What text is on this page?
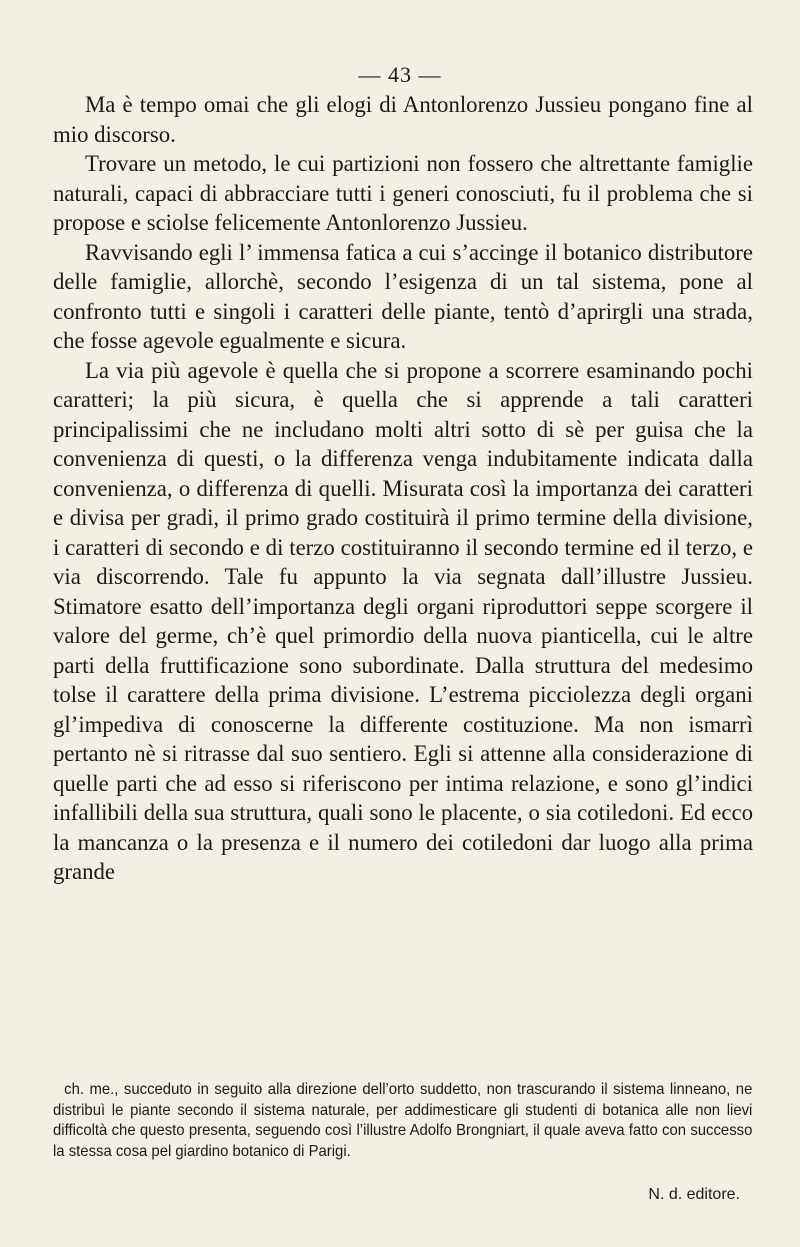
— 43 —

Ma è tempo omai che gli elogi di Antonlorenzo Jussieu pongano fine al mio discorso.

Trovare un metodo, le cui partizioni non fossero che altrettante famiglie naturali, capaci di abbracciare tutti i generi conosciuti, fu il problema che si propose e sciolse felicemente Antonlorenzo Jussieu.

Ravvisando egli l’ immensa fatica a cui s’accinge il botanico distributore delle famiglie, allorchè, secondo l’esigenza di un tal sistema, pone al confronto tutti e singoli i caratteri delle piante, tentò d’aprirgli una strada, che fosse agevole egualmente e sicura.

La via più agevole è quella che si propone a scorrere esaminando pochi caratteri; la più sicura, è quella che si apprende a tali caratteri principalissimi che ne includano molti altri sotto di sè per guisa che la convenienza di questi, o la differenza venga indubitamente indicata dalla convenienza, o differenza di quelli. Misurata così la importanza dei caratteri e divisa per gradi, il primo grado costituirà il primo termine della divisione, i caratteri di secondo e di terzo costituiranno il secondo termine ed il terzo, e via discorrendo. Tale fu appunto la via segnata dall’illustre Jussieu. Stimatore esatto dell’importanza degli organi riproduttori seppe scorgere il valore del germe, ch’è quel primordio della nuova pianticella, cui le altre parti della fruttificazione sono subordinate. Dalla struttura del medesimo tolse il carattere della prima divisione. L’estrema picciolezza degli organi gl’impediva di conoscerne la differente costituzione. Ma non ismarrì pertanto nè si ritrasse dal suo sentiero. Egli si attenne alla considerazione di quelle parti che ad esso si riferiscono per intima relazione, e sono gl’indici infallibili della sua struttura, quali sono le placente, o sia cotiledoni. Ed ecco la mancanza o la presenza e il numero dei cotiledoni dar luogo alla prima grande

ch. me., succeduto in seguito alla direzione dell’orto suddetto, non trascurando il sistema linneano, ne distribuì le piante secondo il sistema naturale, per addimesticare gli studenti di botanica alle non lievi difficoltà che questo presenta, seguendo così l’illustre Adolfo Brongniart, il quale aveva fatto con successo la stessa cosa pel giardino botanico di Parigi.

N. d. editore.
